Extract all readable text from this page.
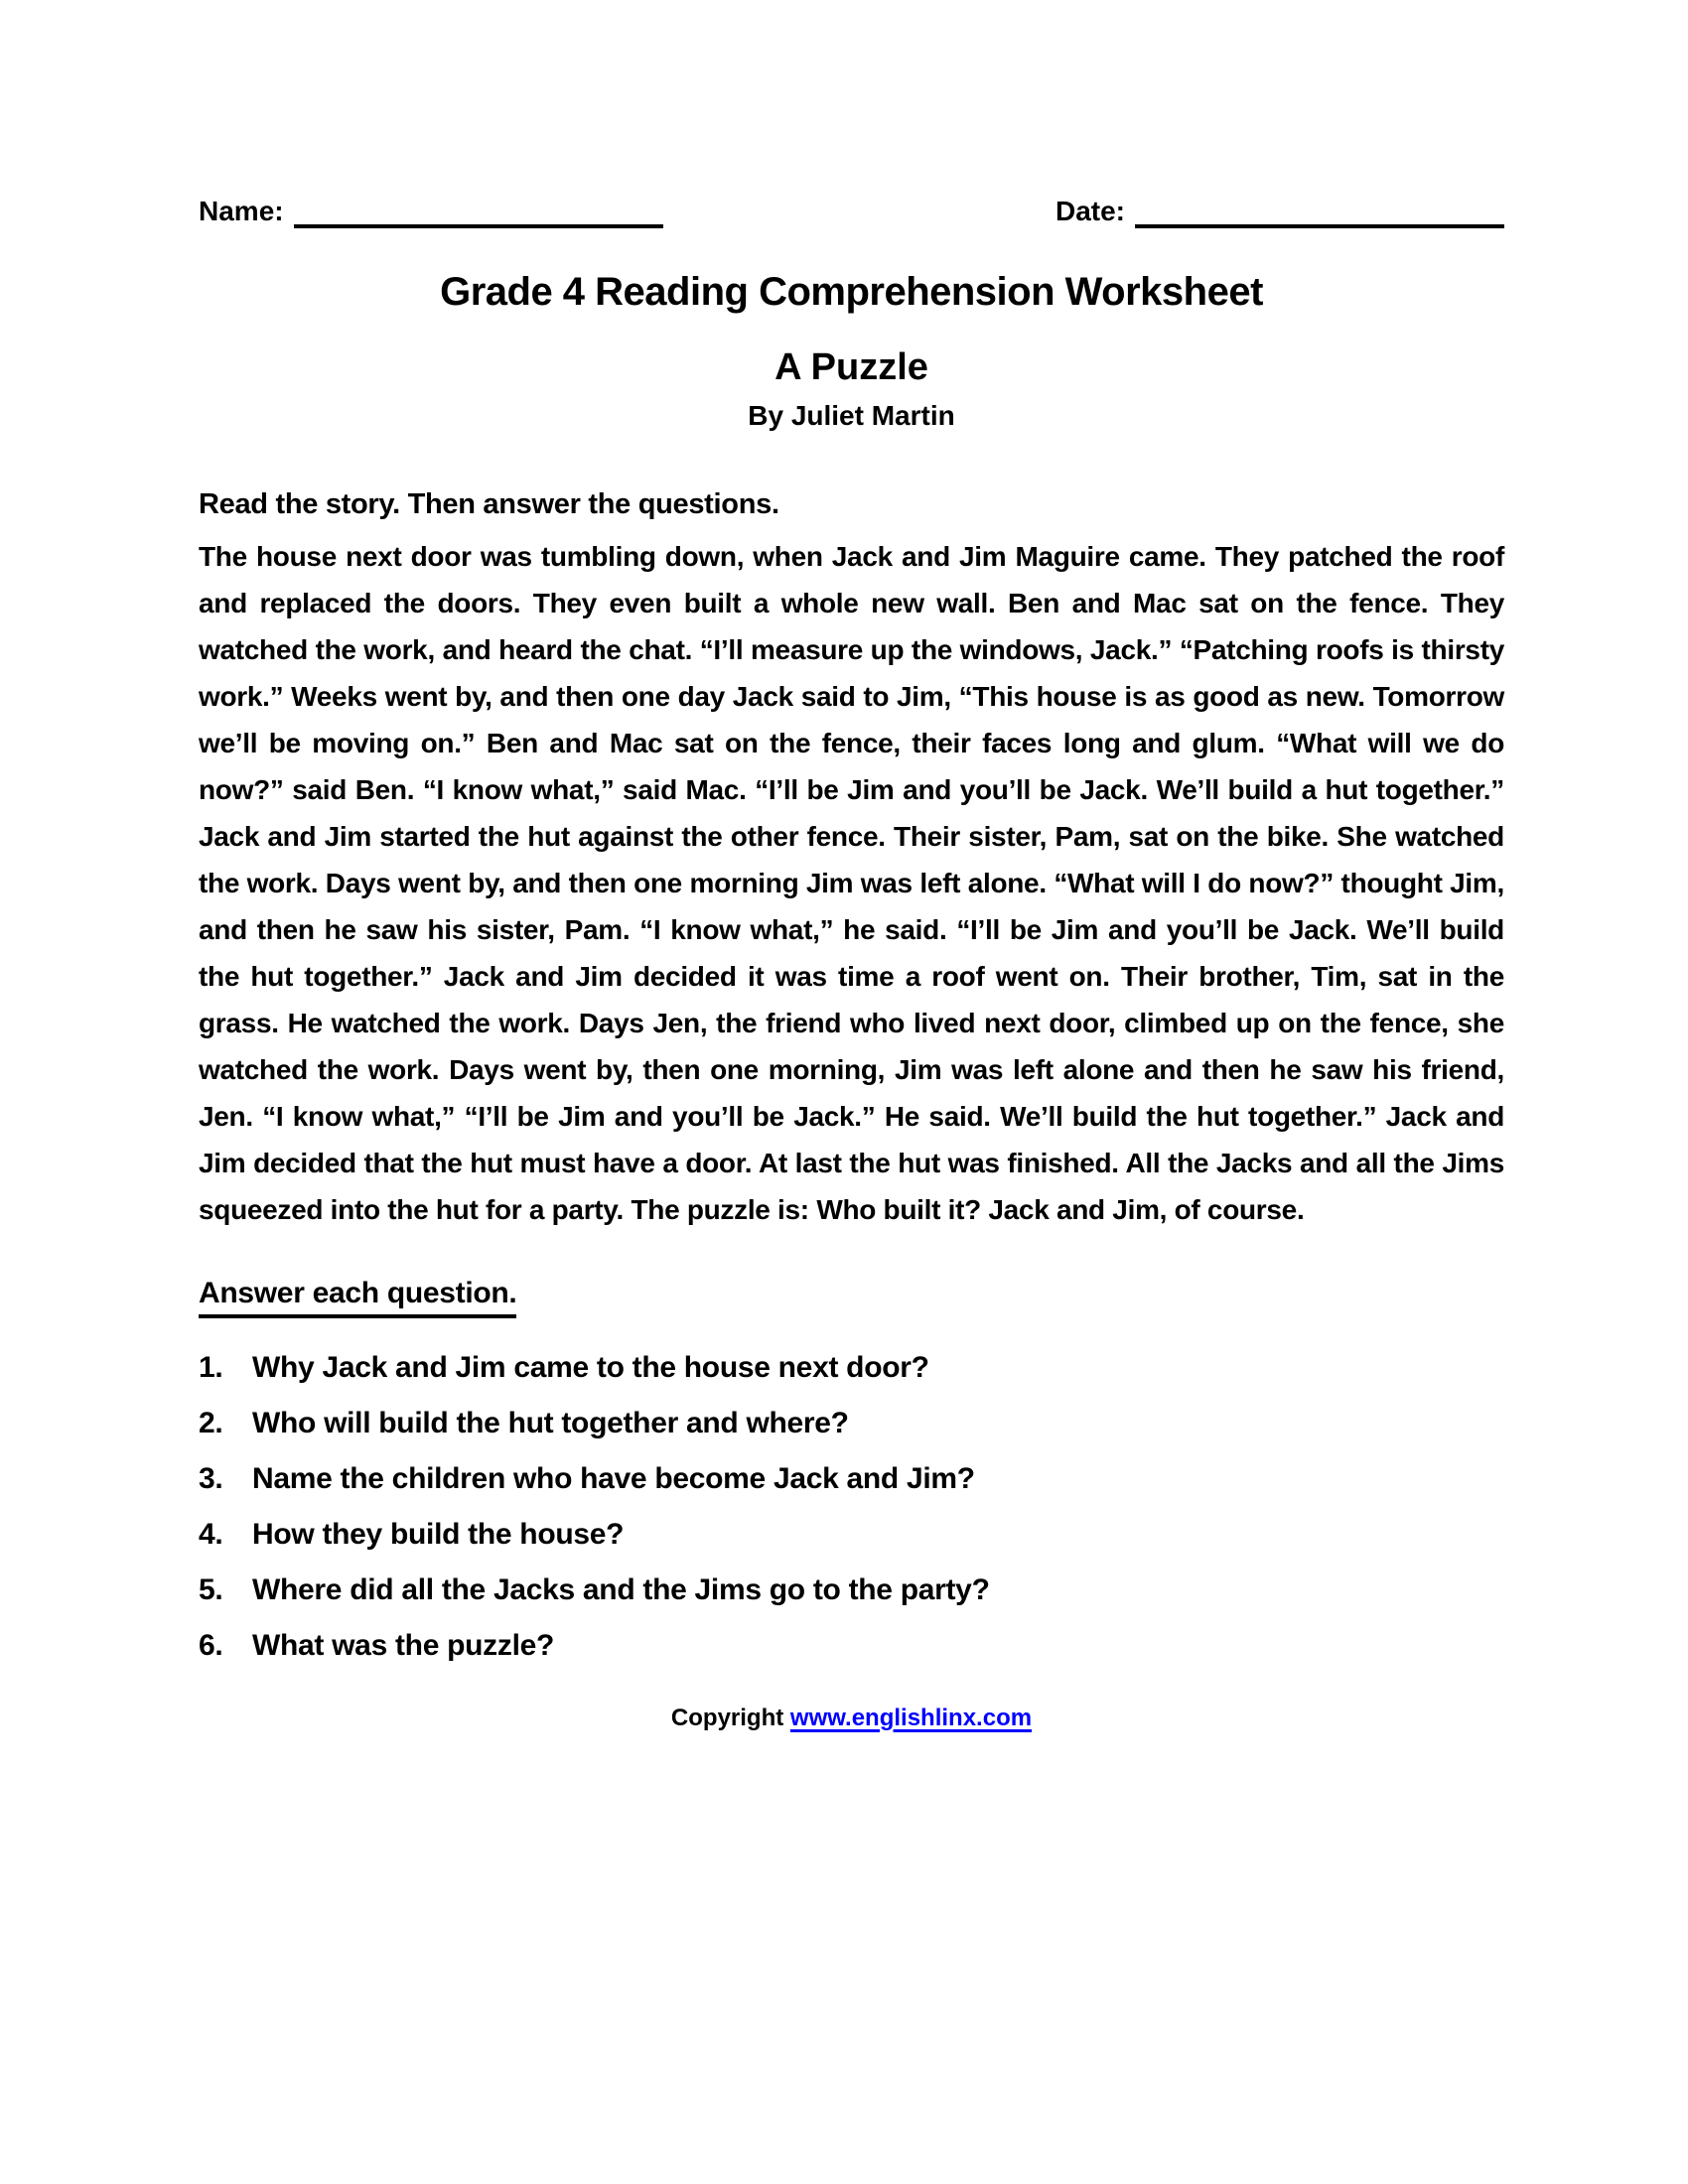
Name:	Date:
Grade 4 Reading Comprehension Worksheet
A Puzzle
By Juliet Martin
Read the story. Then answer the questions.
The house next door was tumbling down, when Jack and Jim Maguire came. They patched the roof and replaced the doors. They even built a whole new wall. Ben and Mac sat on the fence. They watched the work, and heard the chat. “I’ll measure up the windows, Jack.” “Patching roofs is thirsty work.” Weeks went by, and then one day Jack said to Jim, “This house is as good as new. Tomorrow we’ll be moving on.” Ben and Mac sat on the fence, their faces long and glum. “What will we do now?” said Ben. “I know what,” said Mac. “I’ll be Jim and you’ll be Jack. We’ll build a hut together.” Jack and Jim started the hut against the other fence. Their sister, Pam, sat on the bike. She watched the work. Days went by, and then one morning Jim was left alone. “What will I do now?” thought Jim, and then he saw his sister, Pam. “I know what,” he said. “I’ll be Jim and you’ll be Jack. We’ll build the hut together.” Jack and Jim decided it was time a roof went on. Their brother, Tim, sat in the grass. He watched the work. Days Jen, the friend who lived next door, climbed up on the fence, she watched the work. Days went by, then one morning, Jim was left alone and then he saw his friend, Jen. “I know what,” “I’ll be Jim and you’ll be Jack.” He said. We’ll build the hut together.” Jack and Jim decided that the hut must have a door. At last the hut was finished. All the Jacks and all the Jims squeezed into the hut for a party. The puzzle is: Who built it? Jack and Jim, of course.
Answer each question.
1. Why Jack and Jim came to the house next door?
2. Who will build the hut together and where?
3. Name the children who have become Jack and Jim?
4. How they build the house?
5. Where did all the Jacks and the Jims go to the party?
6. What was the puzzle?
Copyright www.englishlinx.com
